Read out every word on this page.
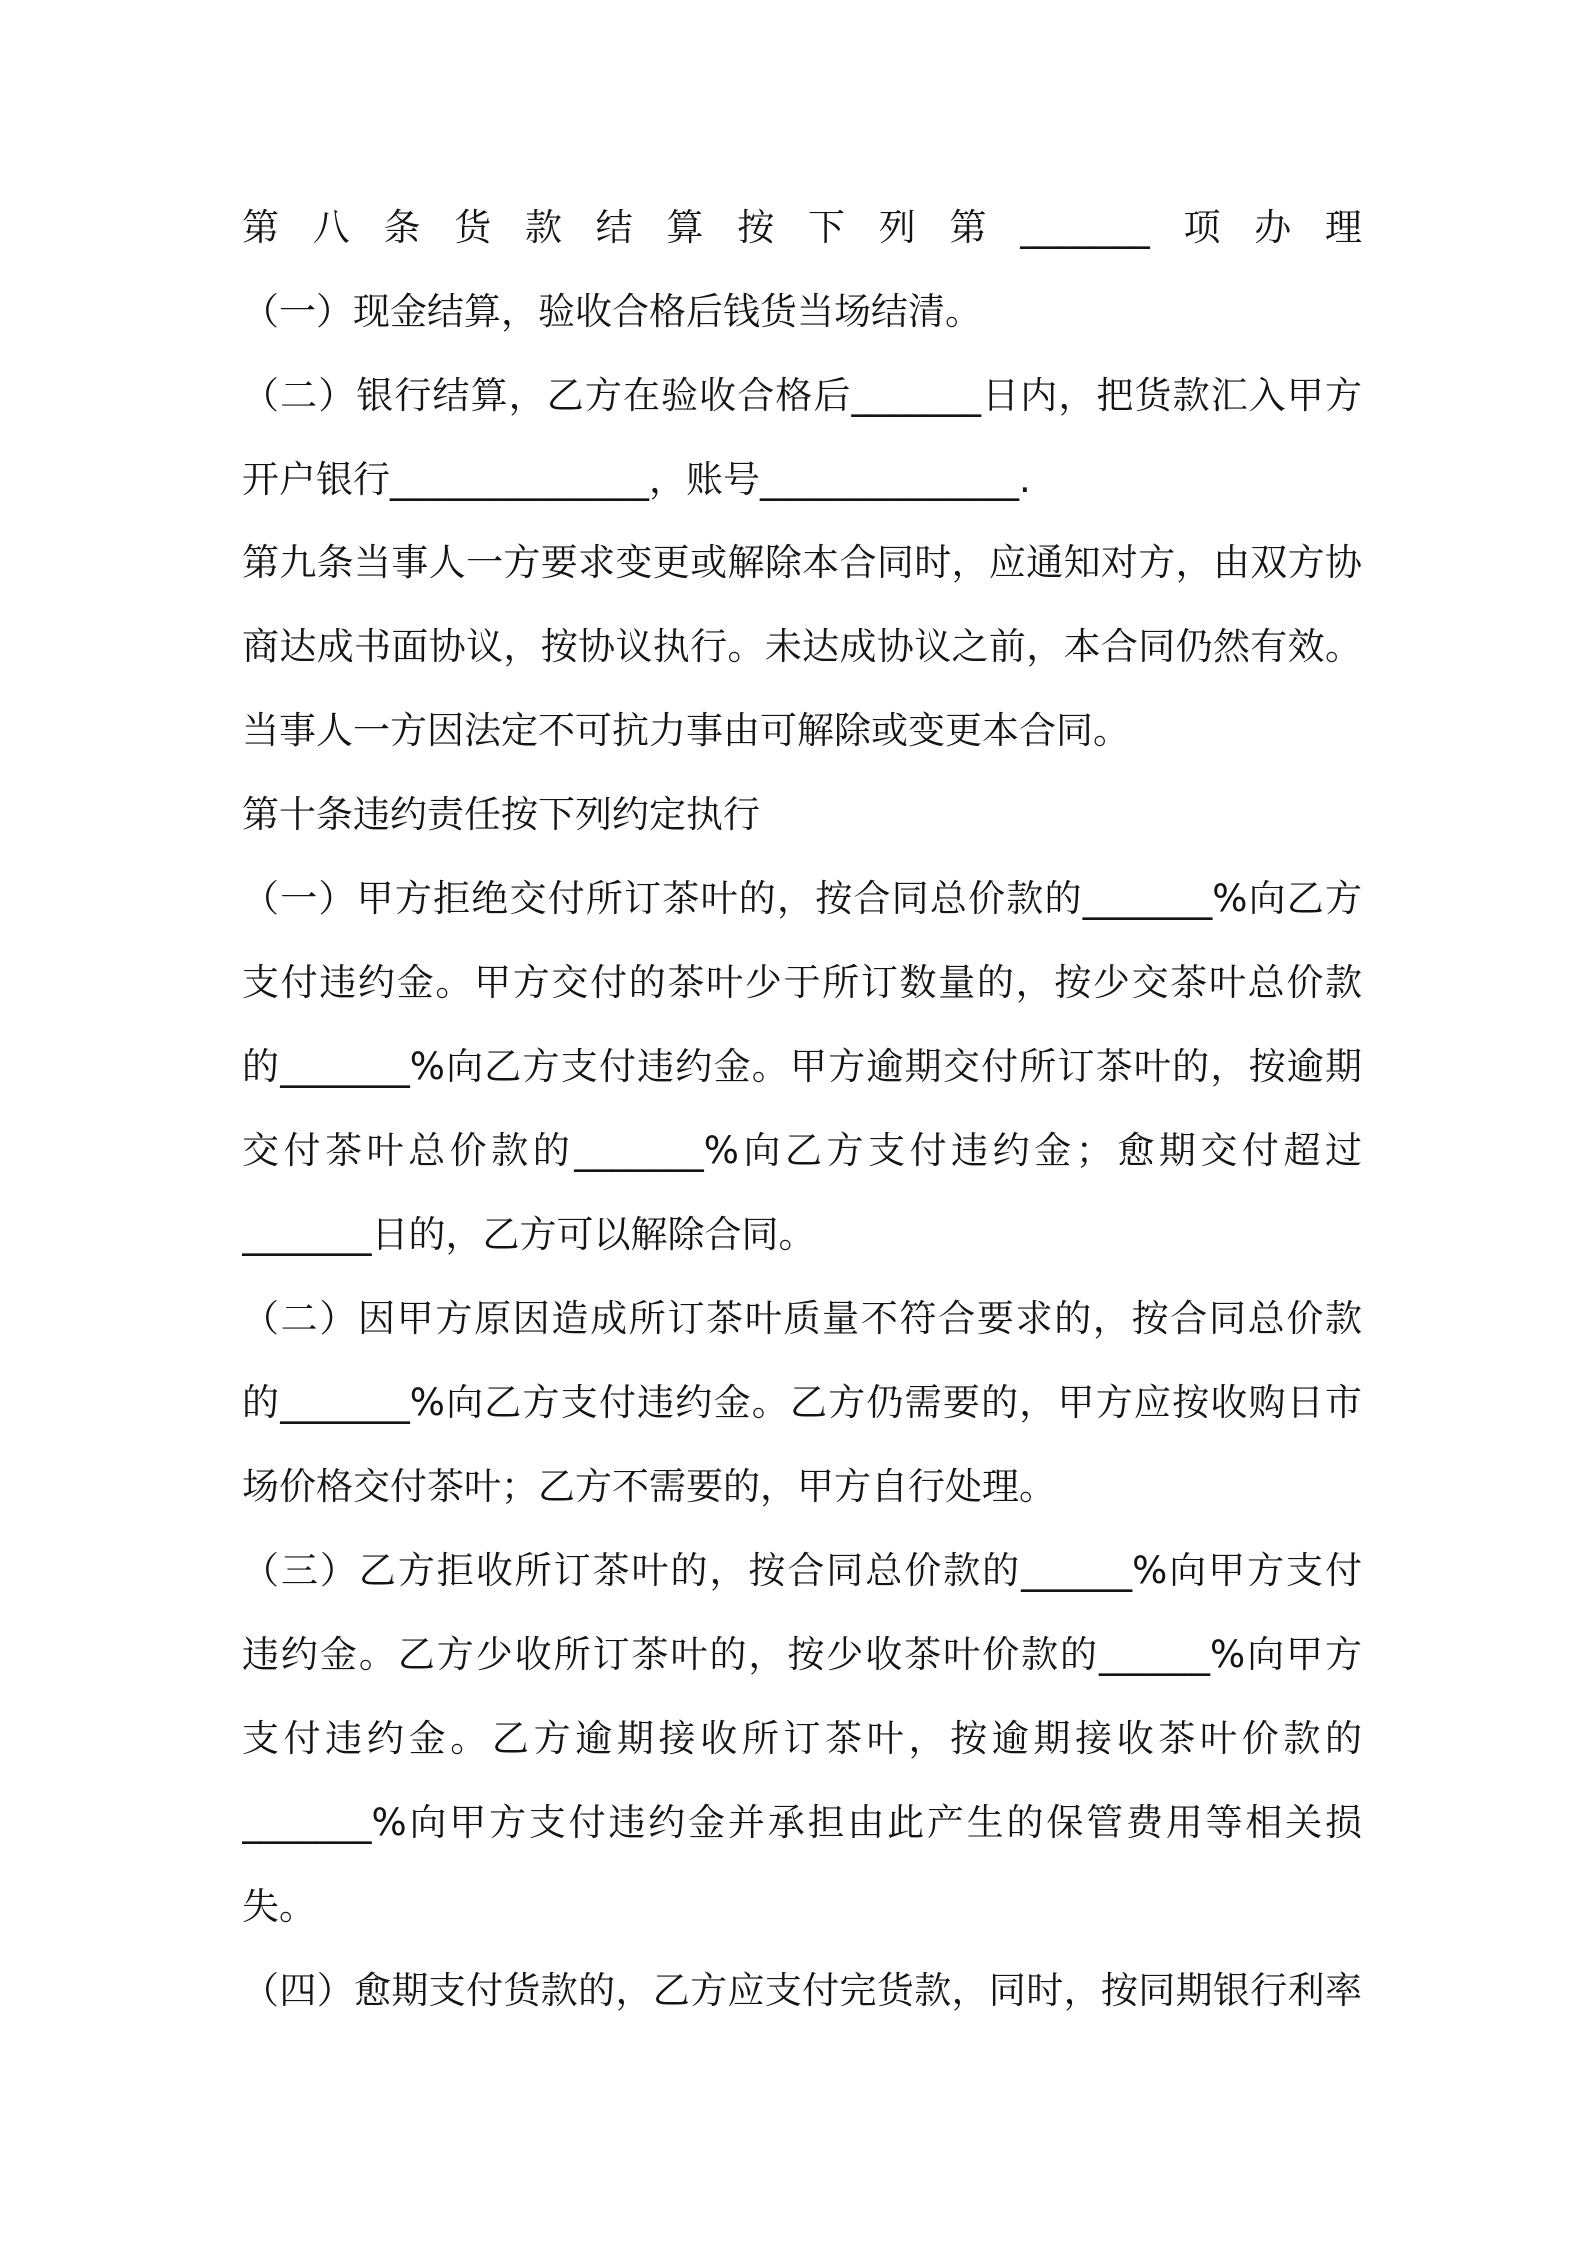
第八条货款结算按下列第_______项办理

（一）现金结算，验收合格后钱货当场结清。

（二）银行结算，乙方在验收合格后_______日内，把货款汇入甲方

开户银行______________，账号______________.

第九条当事人一方要求变更或解除本合同时，应通知对方，由双方协

商达成书面协议，按协议执行。未达成协议之前，本合同仍然有效。

当事人一方因法定不可抗力事由可解除或变更本合同。

第十条违约责任按下列约定执行

（一）甲方拒绝交付所订茶叶的，按合同总价款的_______%向乙方

支付违约金。甲方交付的茶叶少于所订数量的，按少交茶叶总价款

的_______%向乙方支付违约金。甲方逾期交付所订茶叶的，按逾期

交付茶叶总价款的_______%向乙方支付违约金；愈期交付超过

_______日的，乙方可以解除合同。

（二）因甲方原因造成所订茶叶质量不符合要求的，按合同总价款

的_______%向乙方支付违约金。乙方仍需要的，甲方应按收购日市

场价格交付茶叶；乙方不需要的，甲方自行处理。

（三）乙方拒收所订茶叶的，按合同总价款的______%向甲方支付

违约金。乙方少收所订茶叶的，按少收茶叶价款的______%向甲方

支付违约金。乙方逾期接收所订茶叶，按逾期接收茶叶价款的

_______%向甲方支付违约金并承担由此产生的保管费用等相关损

失。

（四）愈期支付货款的，乙方应支付完货款，同时，按同期银行利率
